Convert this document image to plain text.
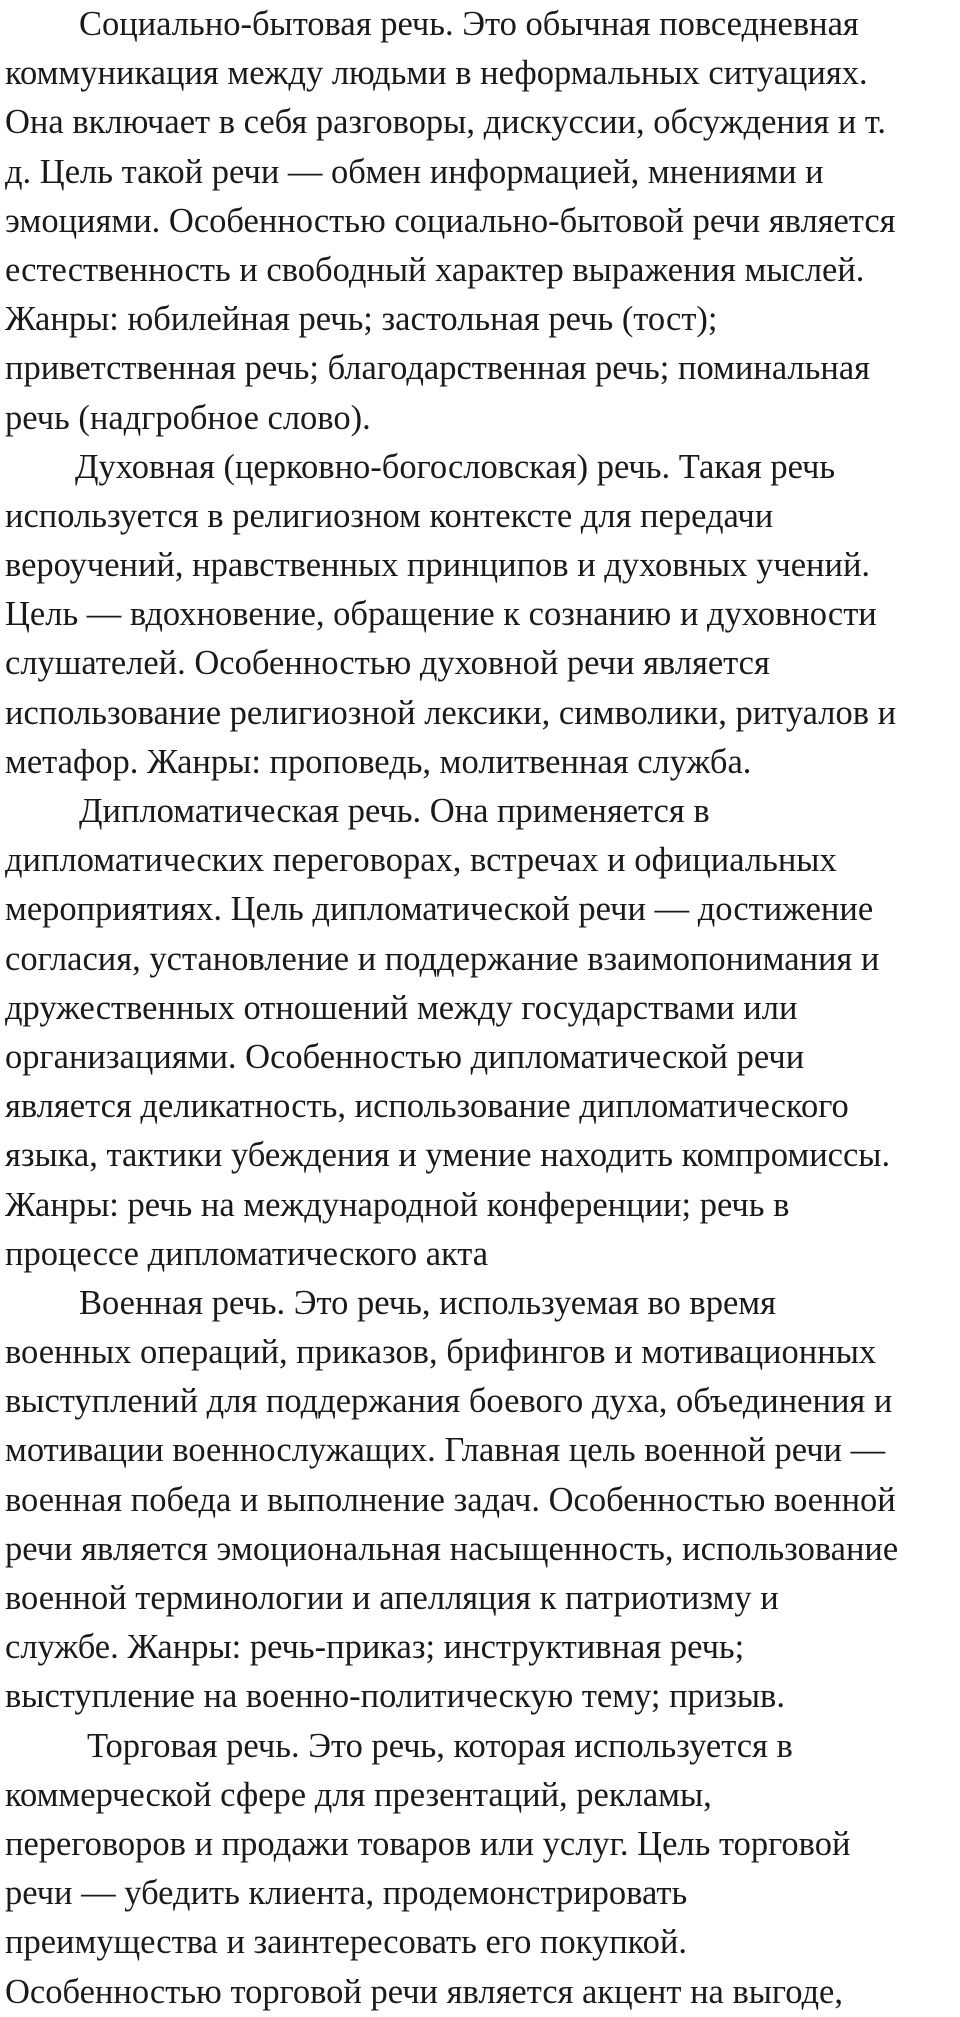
Социально-бытовая речь. Это обычная повседневная
коммуникация между людьми в неформальных ситуациях.
Она включает в себя разговоры, дискуссии, обсуждения и т.
д. Цель такой речи — обмен информацией, мнениями и
эмоциями. Особенностью социально-бытовой речи является
естественность и свободный характер выражения мыслей.
Жанры: юбилейная речь; застольная речь (тост);
приветственная речь; благодарственная речь; поминальная
речь (надгробное слово).

Духовная (церковно-богословская) речь. Такая речь
используется в религиозном контексте для передачи
вероучений, нравственных принципов и духовных учений.
Цель — вдохновение, обращение к сознанию и духовности
слушателей. Особенностью духовной речи является
использование религиозной лексики, символики, ритуалов и
метафор. Жанры: проповедь, молитвенная служба.

Дипломатическая речь. Она применяется в
дипломатических переговорах, встречах и официальных
мероприятиях. Цель дипломатической речи — достижение
согласия, установление и поддержание взаимопонимания и
дружественных отношений между государствами или
организациями. Особенностью дипломатической речи
является деликатность, использование дипломатического
языка, тактики убеждения и умение находить компромиссы.
Жанры: речь на международной конференции; речь в
процессе дипломатического акта

Военная речь. Это речь, используемая во время
военных операций, приказов, брифингов и мотивационных
выступлений для поддержания боевого духа, объединения и
мотивации военнослужащих. Главная цель военной речи —
военная победа и выполнение задач. Особенностью военной
речи является эмоциональная насыщенность, использование
военной терминологии и апелляция к патриотизму и
службе. Жанры: речь-приказ; инструктивная речь;
выступление на военно-политическую тему; призыв.

Торговая речь. Это речь, которая используется в
коммерческой сфере для презентаций, рекламы,
переговоров и продажи товаров или услуг. Цель торговой
речи — убедить клиента, продемонстрировать
преимущества и заинтересовать его покупкой.
Особенностью торговой речи является акцент на выгоде,
